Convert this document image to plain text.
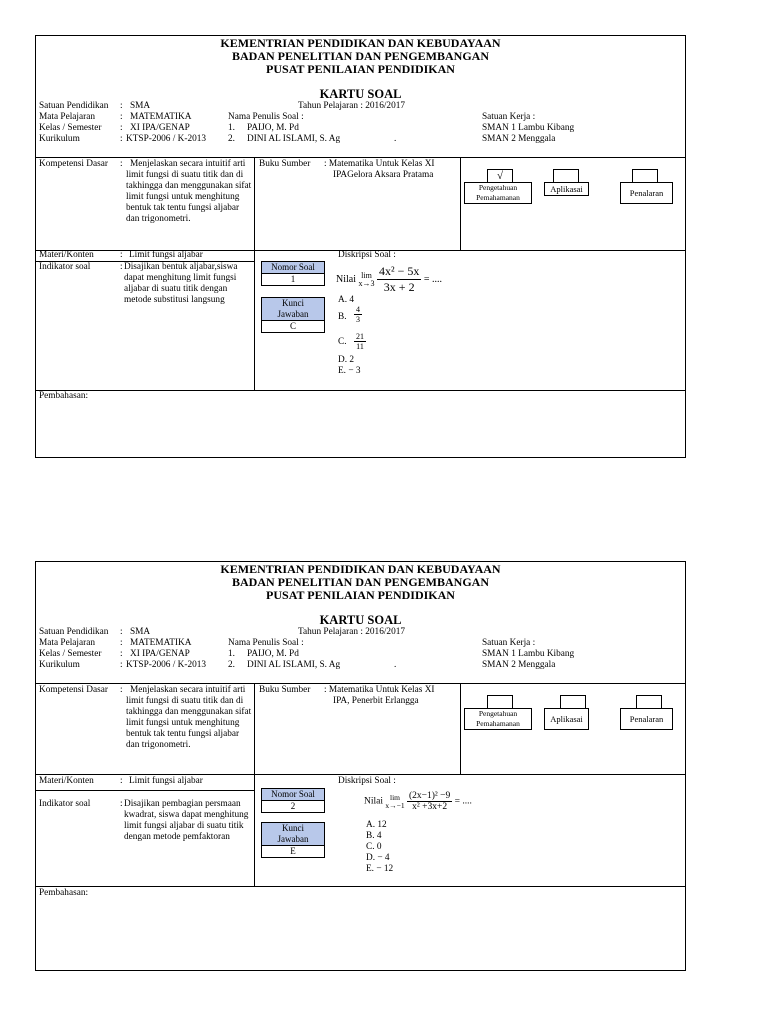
KEMENTRIAN PENDIDIKAN DAN KEBUDAYAAN
BADAN PENELITIAN DAN PENGEMBANGAN
PUSAT PENILAIAN PENDIDIKAN
KARTU SOAL
Satuan Pendidikan : SMA	Tahun Pelajaran : 2016/2017
Mata Pelajaran	: MATEMATIKA	Nama Penulis Soal :	Satuan Kerja :
Kelas / Semester : XI IPA/GENAP	1. PAIJO, M. Pd	SMAN 1 Lambu Kibang
Kurikulum	: KTSP-2006 / K-2013 2. DINI AL ISLAMI, S. Ag	.	SMAN 2 Menggala
Kompetensi Dasar : Menjelaskan secara intuitif arti limit fungsi di suatu titik dan di takhingga dan menggunakan sifat limit fungsi untuk menghitung bentuk tak tentu fungsi aljabar dan trigonometri.
Buku Sumber : Matematika Untuk Kelas XI
IPAGelora Aksara Pratama	√
Pengetahuan
Pemahamanan
Aplikasai	Penalaran
Materi/Konten	: Limit fungsi aljabar
Indikator soal	: Disajikan bentuk aljabar,siswa dapat menghitung limit fungsi aljabar di suatu titik dengan metode substitusi langsung
Diskripsi Soal :
Nomor Soal
1
Kunci Jawaban
C
Nilai lim
x→3
$\frac{\text{4x² − 5x}}{3x + 2}$ = ....
A. 4
B. $\frac{4}{3}$
C. $\frac{21}{11}$
D. 2
E. − 3
Pembahasan:
KEMENTRIAN PENDIDIKAN DAN KEBUDAYAAN
BADAN PENELITIAN DAN PENGEMBANGAN
PUSAT PENILAIAN PENDIDIKAN
KARTU SOAL
Satuan Pendidikan : SMA	Tahun Pelajaran : 2016/2017
Mata Pelajaran	: MATEMATIKA	Nama Penulis Soal :	Satuan Kerja :
Kelas / Semester : XI IPA/GENAP	1. PAIJO, M. Pd	SMAN 1 Lambu Kibang
Kurikulum	: KTSP-2006 / K-2013 2. DINI AL ISLAMI, S. Ag	.	SMAN 2 Menggala
Kompetensi Dasar : Menjelaskan secara intuitif arti limit fungsi di suatu titik dan di takhingga dan menggunakan sifat limit fungsi untuk menghitung bentuk tak tentu fungsi aljabar dan trigonometri.
Buku Sumber : Matematika Untuk Kelas XI
IPA, Penerbit Erlangga
Pengetahuan
Pemahamanan	Aplikasai	Penalaran
Materi/Konten	: Limit fungsi aljabar
Indikator soal	: Disajikan pembagian persmaan kwadrat, siswa dapat menghitung limit fungsi aljabar di suatu titik dengan metode pemfaktoran
Diskripsi Soal :
Nomor Soal
2
Kunci Jawaban
E
Nilai lim
x→−1
$\frac{\text{(2x−1)² −9}}{\text{x² +3x+2}}$ = ....
A. 12
B. 4
C. 0
D. − 4
E. − 12
Pembahasan:
